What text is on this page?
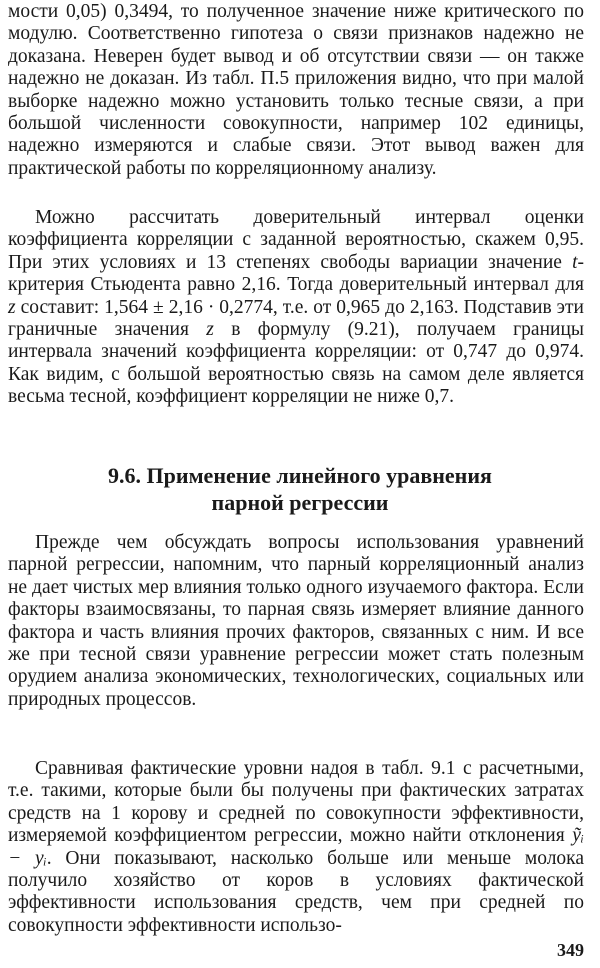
мости 0,05) 0,3494, то полученное значение ниже критического по модулю. Соответственно гипотеза о связи признаков надежно не доказана. Неверен будет вывод и об отсутствии связи — он также надежно не доказан. Из табл. П.5 приложения видно, что при малой выборке надежно можно установить только тесные связи, а при большой численности совокупности, например 102 единицы, надежно измеряются и слабые связи. Этот вывод важен для практической работы по корреляционному анализу.

Можно рассчитать доверительный интервал оценки коэффициента корреляции с заданной вероятностью, скажем 0,95. При этих условиях и 13 степенях свободы вариации значение t-критерия Стьюдента равно 2,16. Тогда доверительный интервал для z составит: 1,564 ± 2,16 · 0,2774, т.е. от 0,965 до 2,163. Подставив эти граничные значения z в формулу (9.21), получаем границы интервала значений коэффициента корреляции: от 0,747 до 0,974. Как видим, с большой вероятностью связь на самом деле является весьма тесной, коэффициент корреляции не ниже 0,7.

9.6. Применение линейного уравнения
парной регрессии

Прежде чем обсуждать вопросы использования уравнений парной регрессии, напомним, что парный корреляционный анализ не дает чистых мер влияния только одного изучаемого фактора. Если факторы взаимосвязаны, то парная связь измеряет влияние данного фактора и часть влияния прочих факторов, связанных с ним. И все же при тесной связи уравнение регрессии может стать полезным орудием анализа экономических, технологических, социальных или природных процессов.

Сравнивая фактические уровни надоя в табл. 9.1 с расчетными, т.е. такими, которые были бы получены при фактических затратах средств на 1 корову и средней по совокупности эффективности, измеряемой коэффициентом регрессии, можно найти отклонения ỹᵢ − yᵢ. Они показывают, насколько больше или меньше молока получило хозяйство от коров в условиях фактической эффективности использования средств, чем при средней по совокупности эффективности использо-

349
